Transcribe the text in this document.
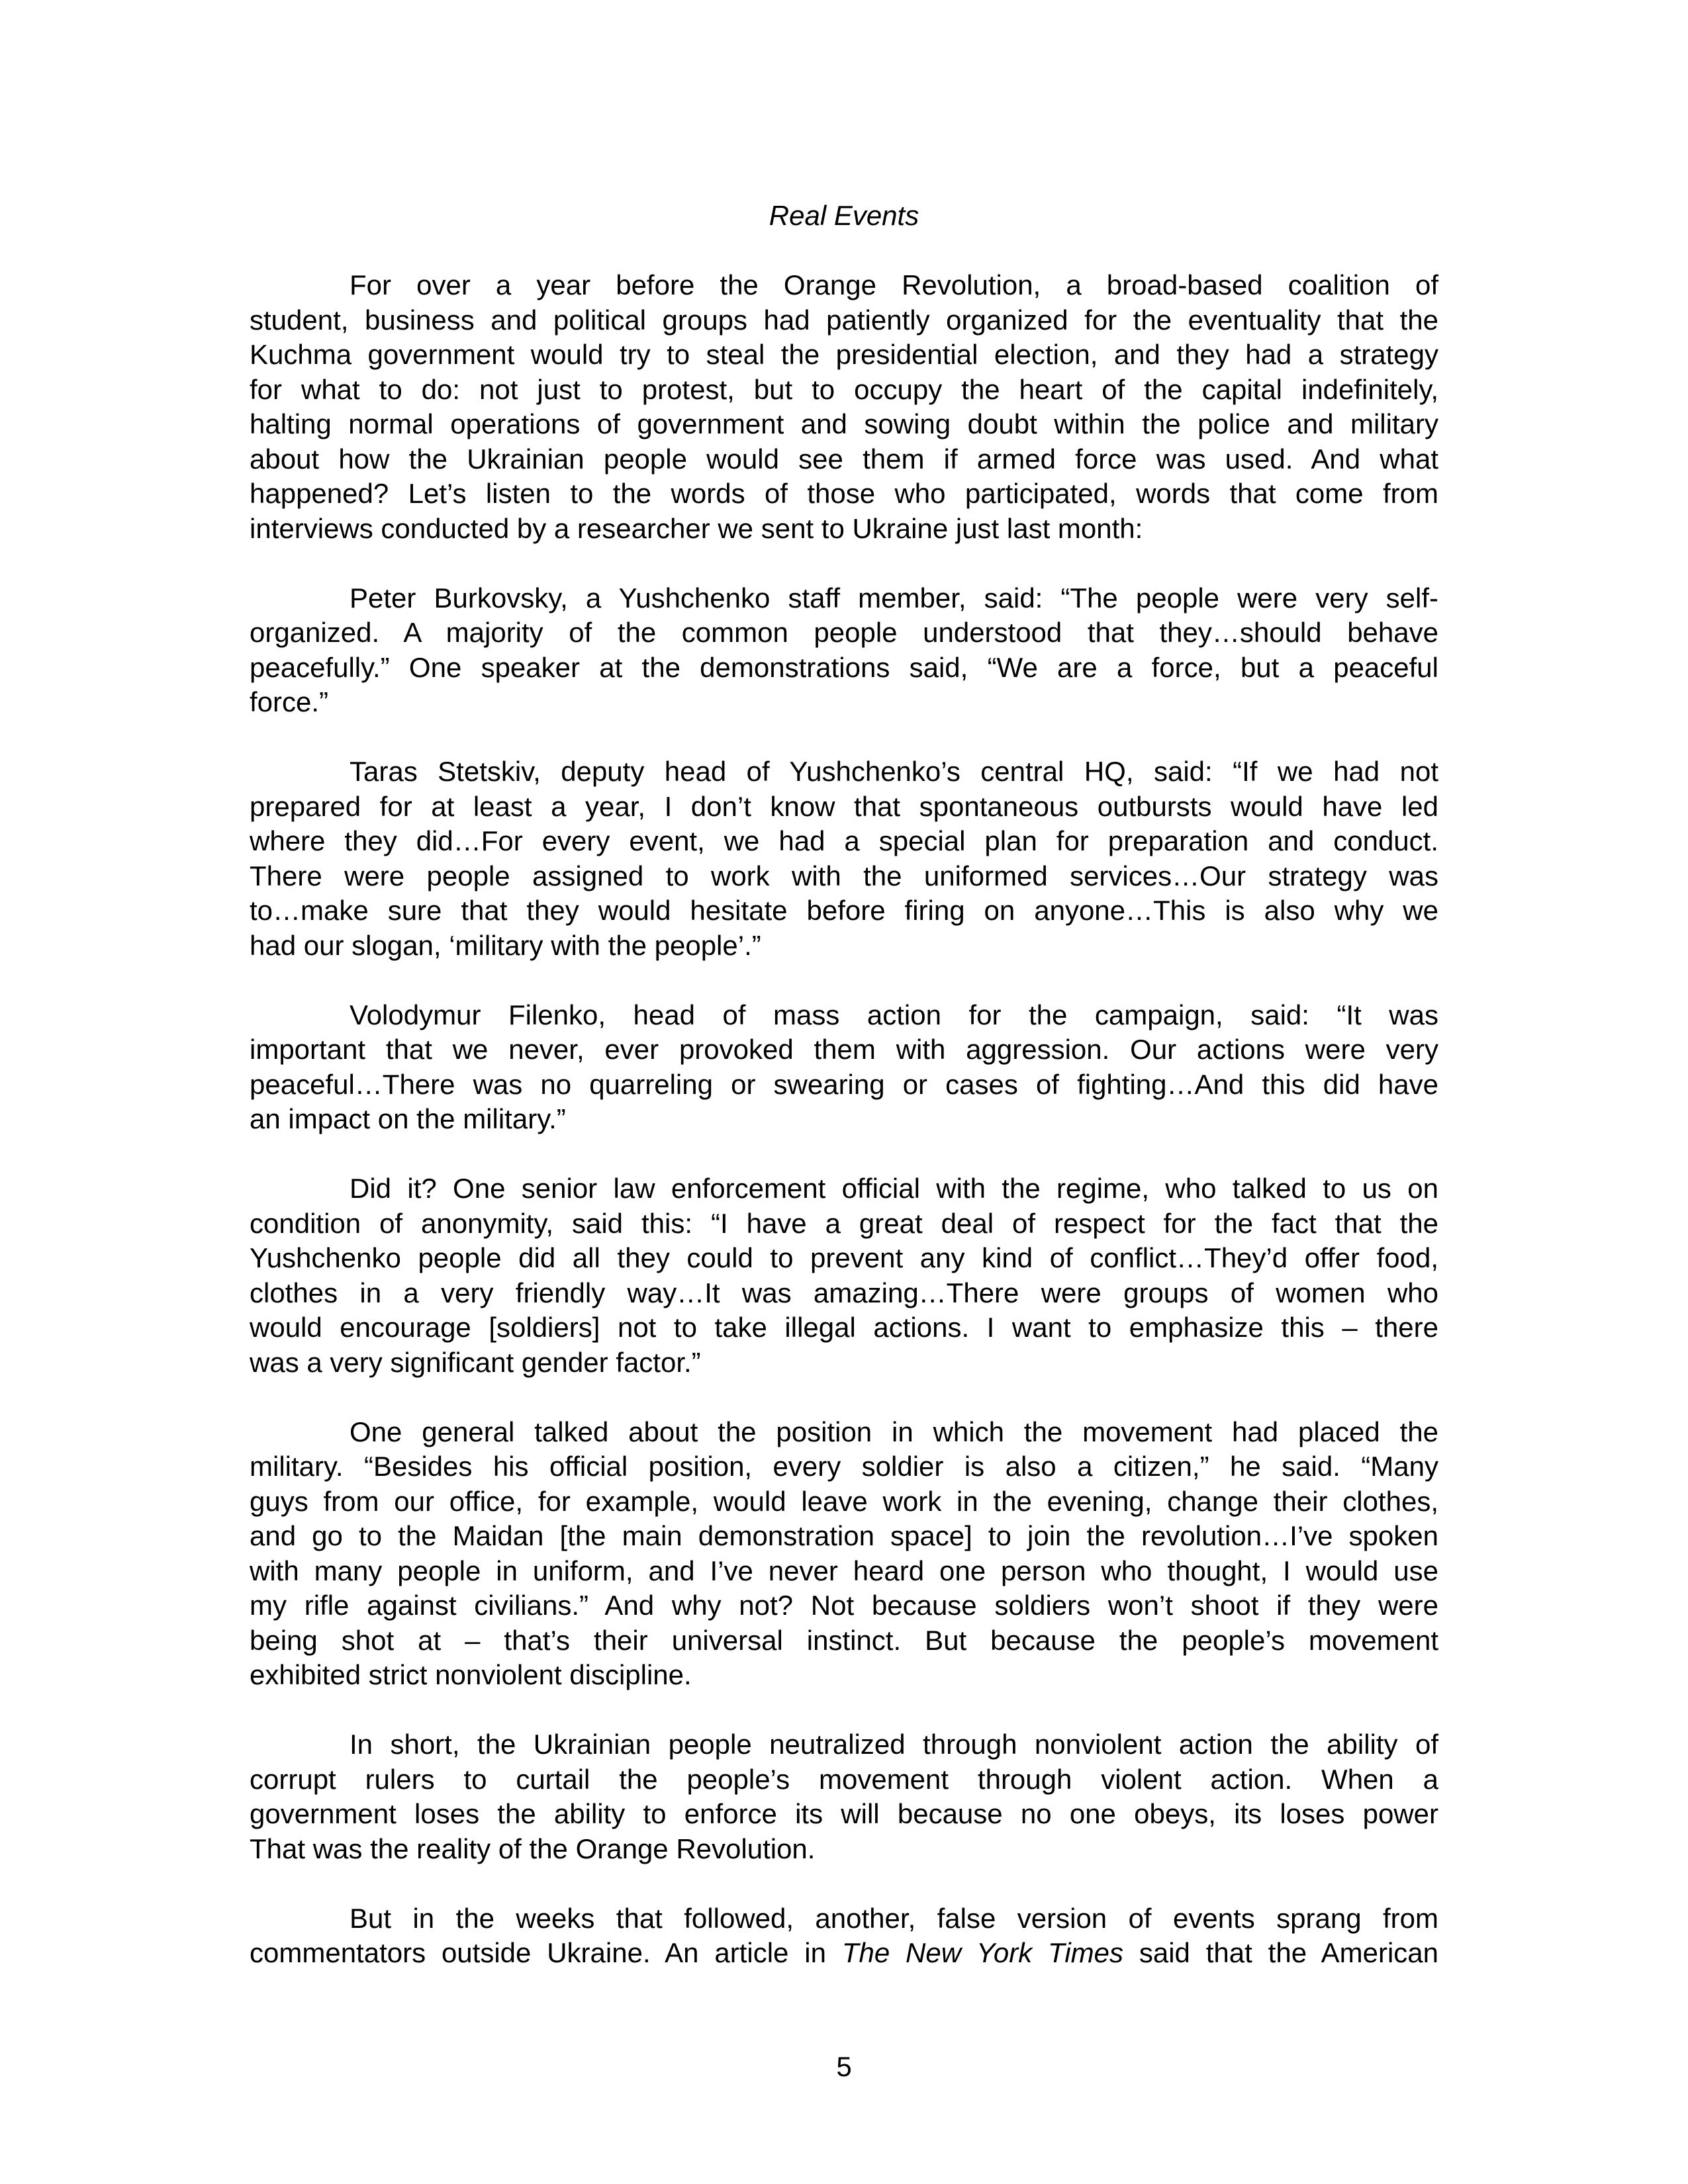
Real Events
For over a year before the Orange Revolution, a broad-based coalition of
student, business and political groups had patiently organized for the eventuality that the
Kuchma government would try to steal the presidential election, and they had a strategy
for what to do: not just to protest, but to occupy the heart of the capital indefinitely,
halting normal operations of government and sowing doubt within the police and military
about how the Ukrainian people would see them if armed force was used. And what
happened? Let’s listen to the words of those who participated, words that come from
interviews conducted by a researcher we sent to Ukraine just last month:
Peter Burkovsky, a Yushchenko staff member, said: “The people were very self-
organized. A majority of the common people understood that they…should behave
peacefully.” One speaker at the demonstrations said, “We are a force, but a peaceful
force.”
Taras Stetskiv, deputy head of Yushchenko’s central HQ, said: “If we had not
prepared for at least a year, I don’t know that spontaneous outbursts would have led
where they did…For every event, we had a special plan for preparation and conduct.
There were people assigned to work with the uniformed services…Our strategy was
to…make sure that they would hesitate before firing on anyone…This is also why we
had our slogan, ‘military with the people’.”
Volodymur Filenko, head of mass action for the campaign, said: “It was
important that we never, ever provoked them with aggression. Our actions were very
peaceful…There was no quarreling or swearing or cases of fighting…And this did have
an impact on the military.”
Did it? One senior law enforcement official with the regime, who talked to us on
condition of anonymity, said this: “I have a great deal of respect for the fact that the
Yushchenko people did all they could to prevent any kind of conflict…They’d offer food,
clothes in a very friendly way…It was amazing…There were groups of women who
would encourage [soldiers] not to take illegal actions. I want to emphasize this – there
was a very significant gender factor.”
One general talked about the position in which the movement had placed the
military. “Besides his official position, every soldier is also a citizen,” he said. “Many
guys from our office, for example, would leave work in the evening, change their clothes,
and go to the Maidan [the main demonstration space] to join the revolution…I’ve spoken
with many people in uniform, and I’ve never heard one person who thought, I would use
my rifle against civilians.” And why not? Not because soldiers won’t shoot if they were
being shot at – that’s their universal instinct. But because the people’s movement
exhibited strict nonviolent discipline.
In short, the Ukrainian people neutralized through nonviolent action the ability of
corrupt rulers to curtail the people’s movement through violent action. When a
government loses the ability to enforce its will because no one obeys, its loses power
That was the reality of the Orange Revolution.
But in the weeks that followed, another, false version of events sprang from
commentators outside Ukraine. An article in The New York Times said that the American
5
